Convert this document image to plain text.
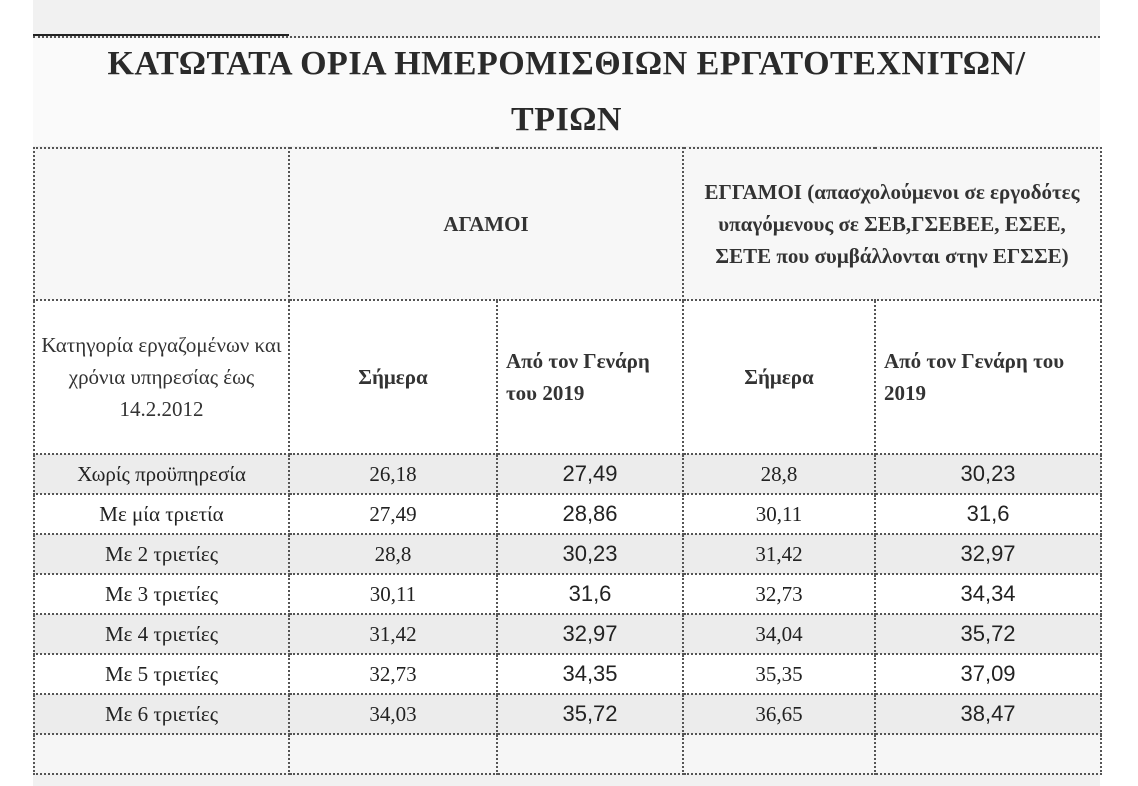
ΚΑΤΩΤΑΤΑ ΟΡΙΑ ΗΜΕΡΟΜΙΣΘΙΩΝ ΕΡΓΑΤΟΤΕΧΝΙΤΩΝ/
ΤΡΙΩΝ
	ΑΓΑΜΟΙ		ΕΓΓΑΜΟΙ (απασχολούμενοι σε εργοδότες υπαγόμενους σε ΣΕΒ,ΓΣΕΒΕΕ, ΕΣΕΕ, ΣΕΤΕ που συμβάλλονται στην ΕΓΣΣΕ)	
Κατηγορία εργαζομένων και χρόνια υπηρεσίας έως 14.2.2012	Σήμερα	Από τον Γενάρη του 2019	Σήμερα	Από τον Γενάρη του 2019
Χωρίς προϋπηρεσία	26,18	27,49	28,8	30,23
Με μία τριετία	27,49	28,86	30,11	31,6
Με 2 τριετίες	28,8	30,23	31,42	32,97
Με 3 τριετίες	30,11	31,6	32,73	34,34
Με 4 τριετίες	31,42	32,97	34,04	35,72
Με 5 τριετίες	32,73	34,35	35,35	37,09
Με 6 τριετίες	34,03	35,72	36,65	38,47
